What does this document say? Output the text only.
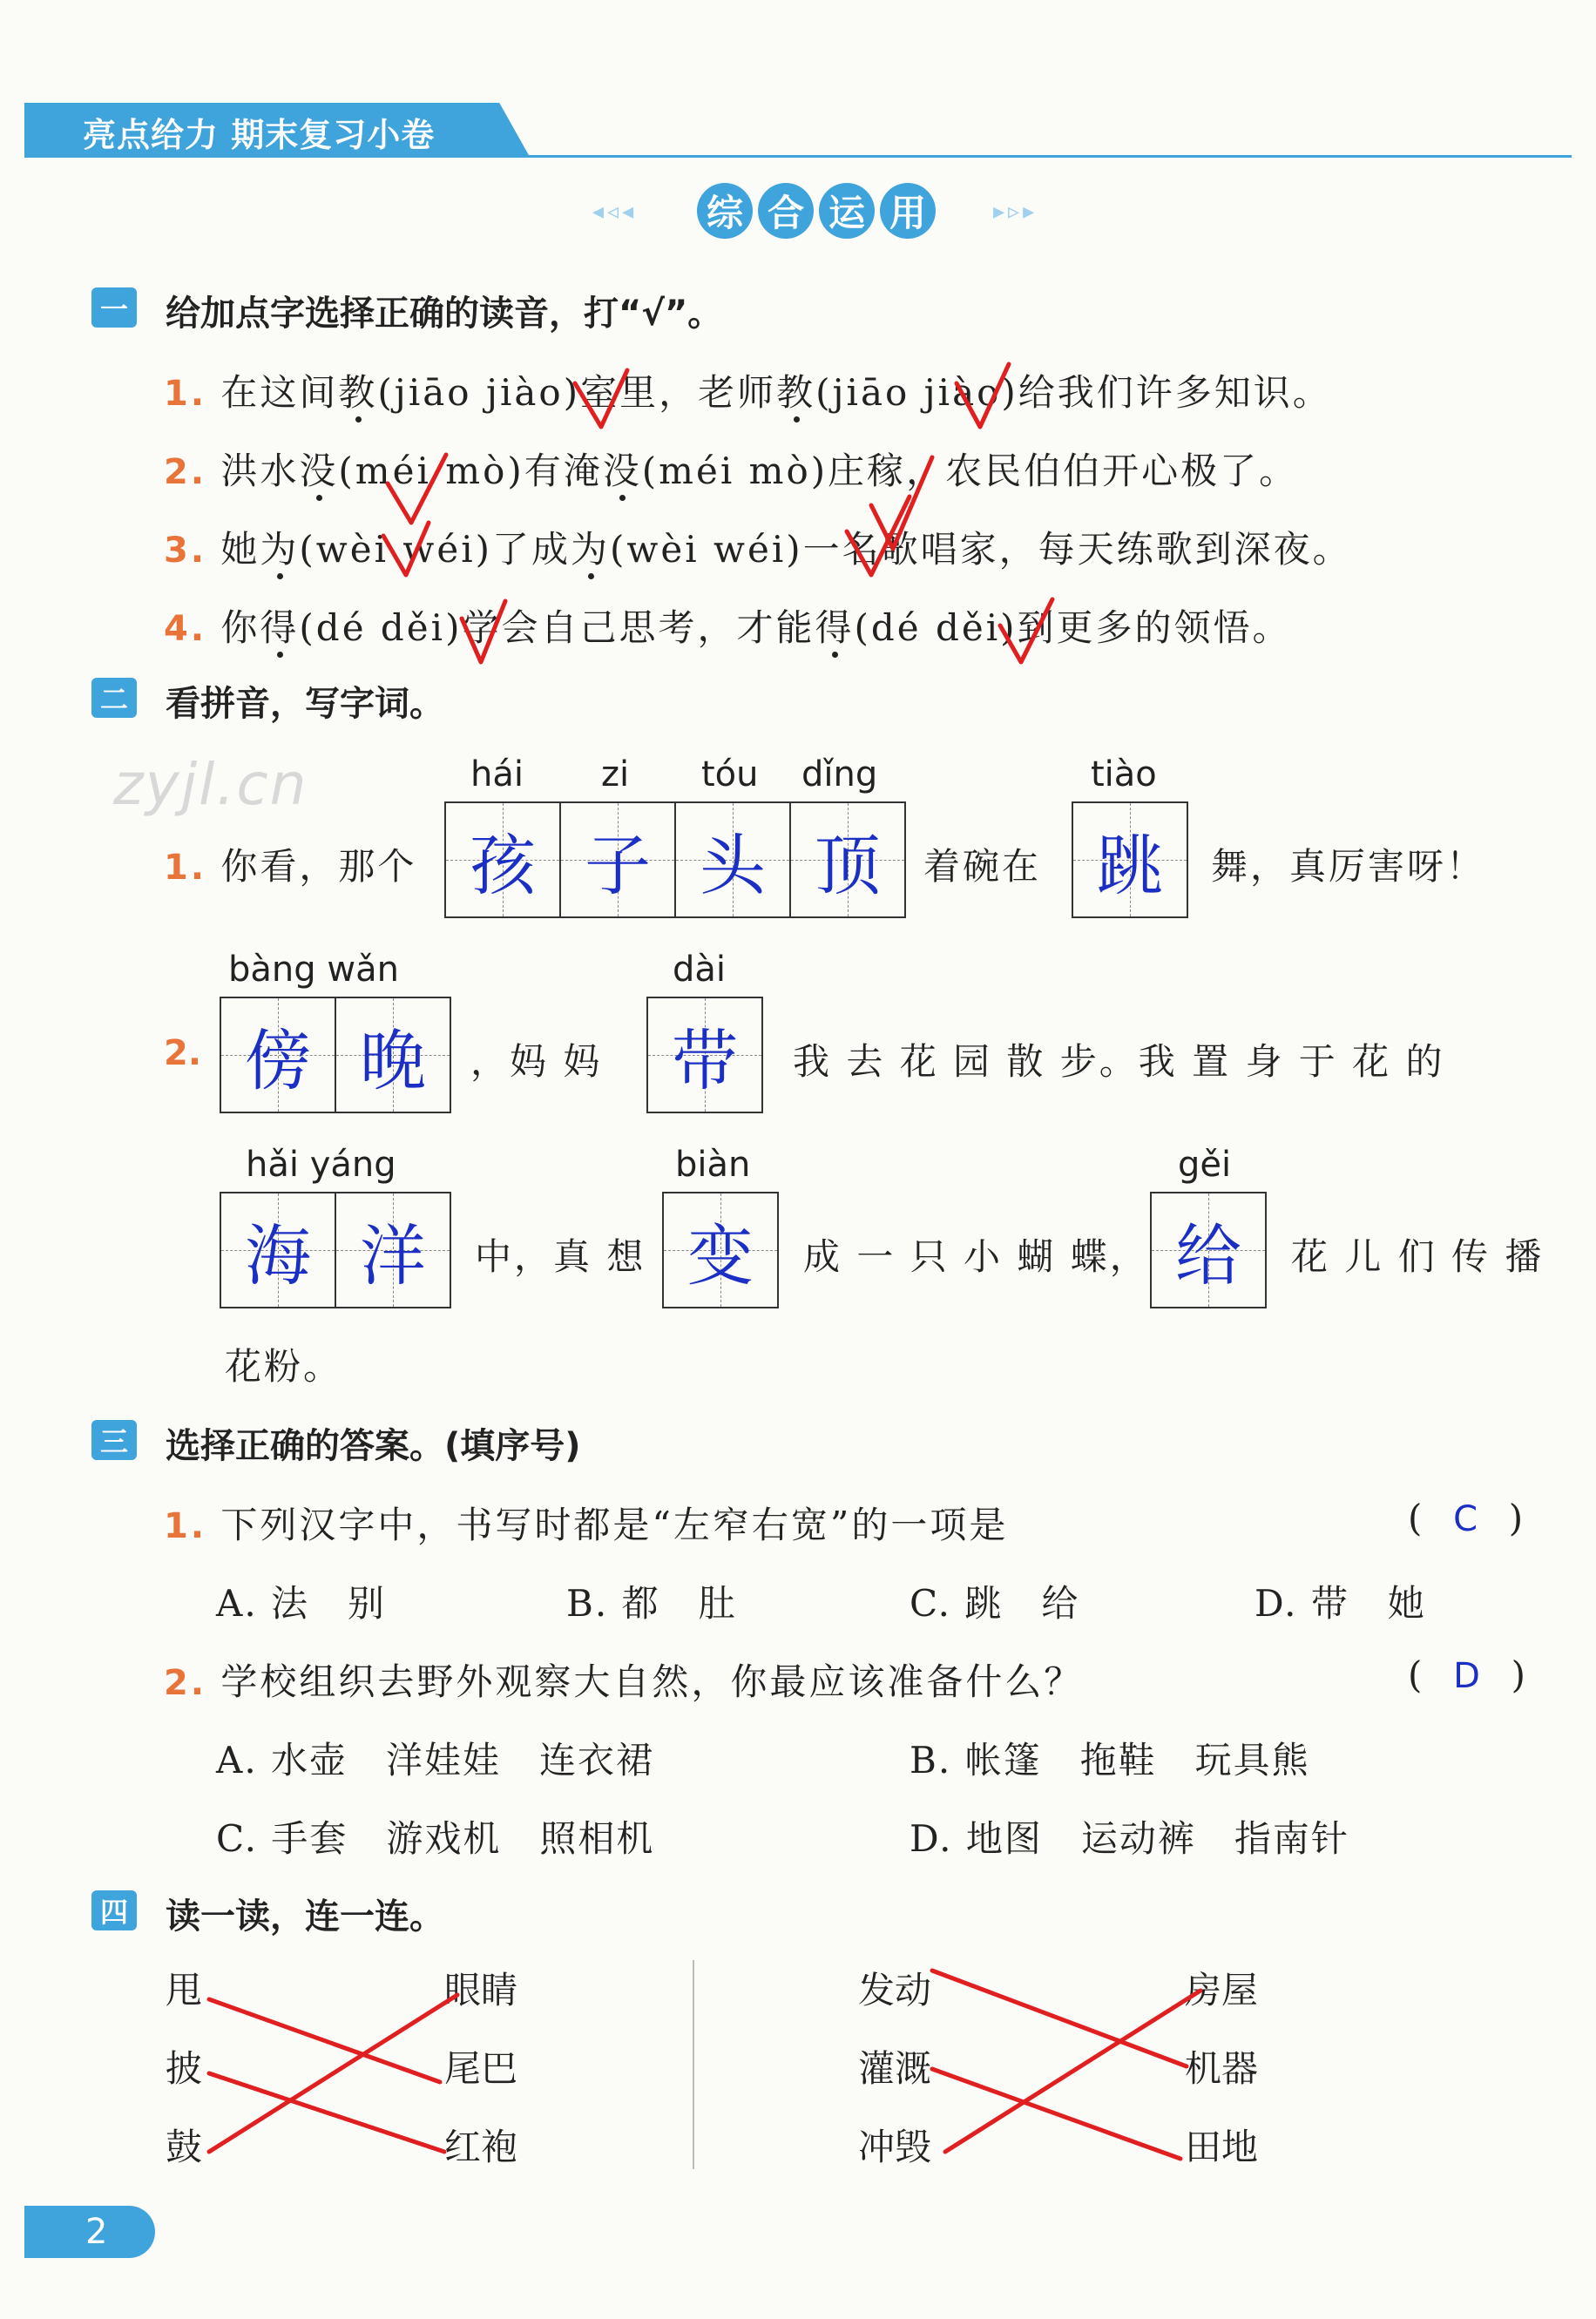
亮点给力 期末复习小卷
◂◃◂ 综 合 运 用	▸▹▸
一 给加点字选择正确的读音，打“√”。
1. 在这间教(jiāo jiào)室里，老师教(jiāo jiào)给我们许多知识。
2. 洪水没(méi mò)有淹没(méi mò)庄稼，农民伯伯开心极了。
3. 她为(wèi wéi)了成为(wèi wéi)一名歌唱家，每天练歌到深夜。
4. 你得(dé děi)学会自己思考，才能得(dé děi)到更多的领悟。
二 看拼音，写字词。
zyjl.cn	hái zi tóu dǐng	tiào
1. 你看，那个 孩 子 头 顶 着碗在 跳 舞，真厉害呀！
bàng wǎn	dài
2. 傍 晚 ，妈 妈 带 我 去 花 园 散 步。我 置 身 于 花 的
hǎi yáng	biàn	gěi
海 洋 中，真 想 变 成 一 只 小 蝴 蝶， 给 花 儿 们 传 播
花粉。
三 选择正确的答案。(填序号)
1. 下列汉字中，书写时都是“左窄右宽”的一项是	( C )
A. 法　别	B. 都　肚	C. 跳　给	D. 带　她
2. 学校组织去野外观察大自然，你最应该准备什么？	( D )
A. 水壶　洋娃娃　连衣裙	B. 帐篷　拖鞋　玩具熊
C. 手套　游戏机　照相机	D. 地图　运动裤　指南针
四 读一读，连一连。
甩
披
鼓
眼睛
尾巴
红袍
发动
灌溉
冲毁
房屋
机器
田地
2
